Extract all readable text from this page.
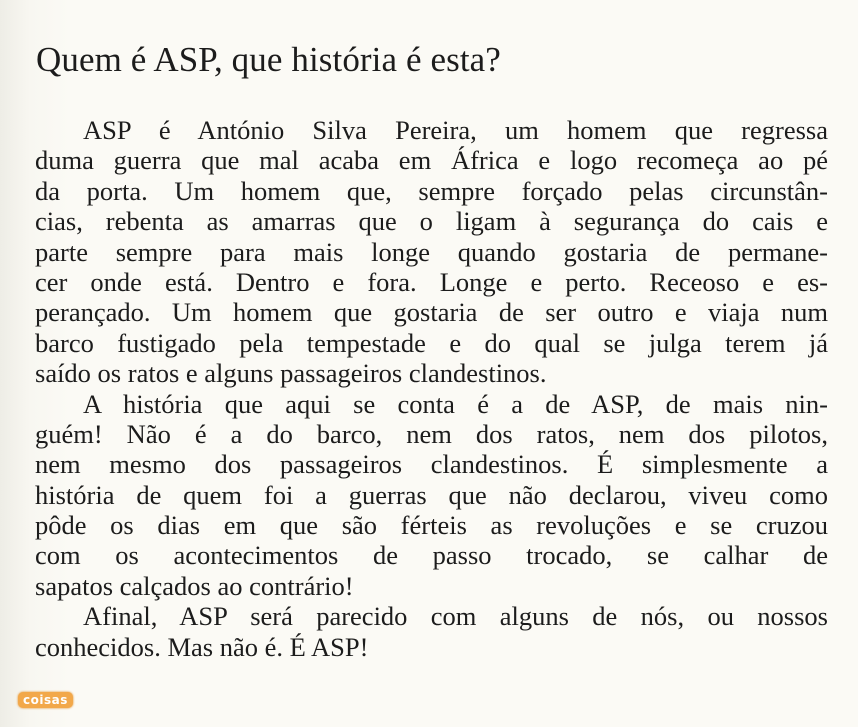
Quem é ASP, que história é esta?

ASP é António Silva Pereira, um homem que regressa
duma guerra que mal acaba em África e logo recomeça ao pé
da porta. Um homem que, sempre forçado pelas circunstân-
cias, rebenta as amarras que o ligam à segurança do cais e
parte sempre para mais longe quando gostaria de permane-
cer onde está. Dentro e fora. Longe e perto. Receoso e es-
perançado. Um homem que gostaria de ser outro e viaja num
barco fustigado pela tempestade e do qual se julga terem já
saído os ratos e alguns passageiros clandestinos.

A história que aqui se conta é a de ASP, de mais nin-
guém! Não é a do barco, nem dos ratos, nem dos pilotos,
nem mesmo dos passageiros clandestinos. É simplesmente a
história de quem foi a guerras que não declarou, viveu como
pôde os dias em que são férteis as revoluções e se cruzou
com os acontecimentos de passo trocado, se calhar de
sapatos calçados ao contrário!

Afinal, ASP será parecido com alguns de nós, ou nossos
conhecidos. Mas não é. É ASP!

coisas
